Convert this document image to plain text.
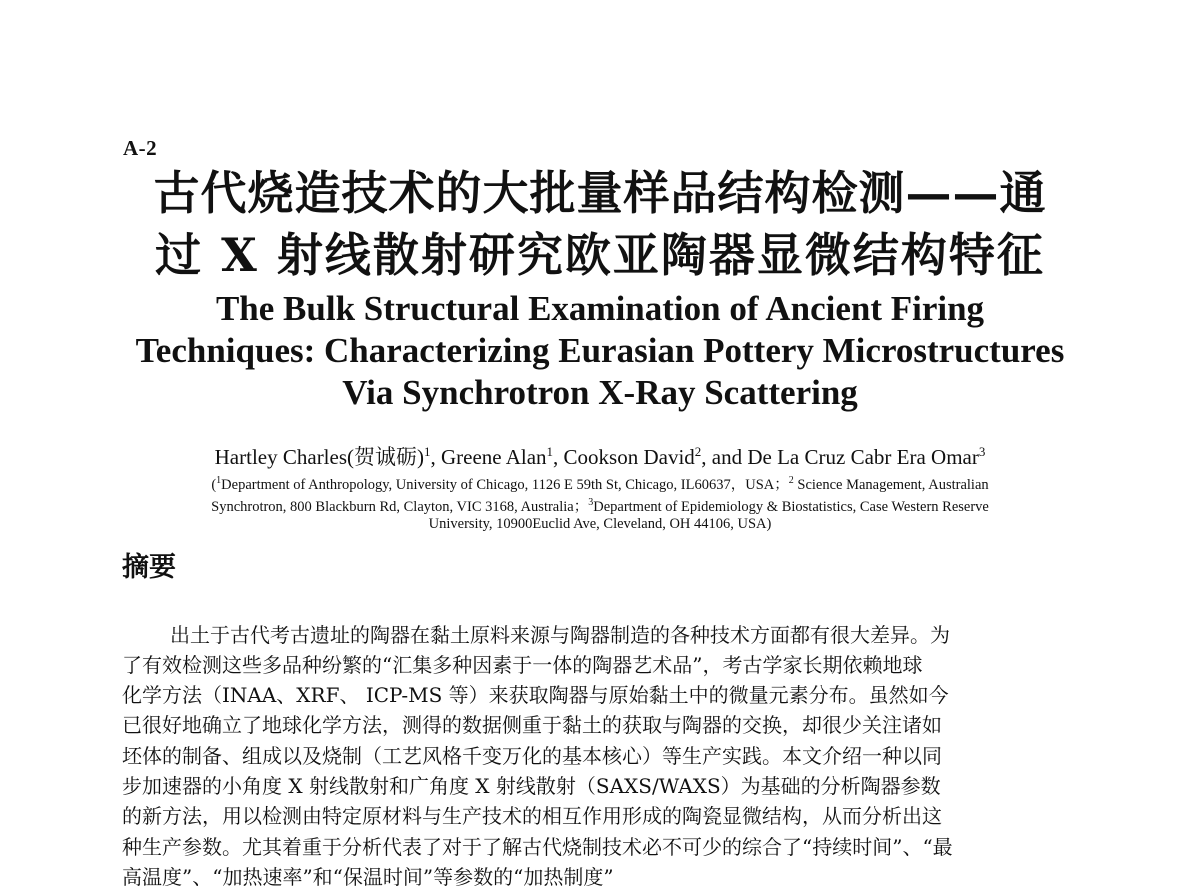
A-2
古代烧造技术的大批量样品结构检测——通
过 X 射线散射研究欧亚陶器显微结构特征
The Bulk Structural Examination of Ancient Firing
Techniques: Characterizing Eurasian Pottery Microstructures
Via Synchrotron X-Ray Scattering
Hartley Charles(贺诚砺)$^1$, Greene Alan$^1$, Cookson David$^2$, and De La Cruz Cabr Era Omar$^3$
($^1$Department of Anthropology, University of Chicago, 1126 E 59th St, Chicago, IL60637，USA；$^2$ Science Management, Australian
Synchrotron, 800 Blackburn Rd, Clayton, VIC 3168, Australia；$^3$Department of Epidemiology & Biostatistics, Case Western Reserve
University, 10900Euclid Ave, Cleveland, OH 44106, USA)
摘要
出土于古代考古遗址的陶器在黏土原料来源与陶器制造的各种技术方面都有很大差异。为
了有效检测这些多品种纷繁的“汇集多种因素于一体的陶器艺术品”，考古学家长期依赖地球
化学方法（INAA、XRF、 ICP-MS 等）来获取陶器与原始黏土中的微量元素分布。虽然如今
已很好地确立了地球化学方法，测得的数据侧重于黏土的获取与陶器的交换，却很少关注诸如
坯体的制备、组成以及烧制（工艺风格千变万化的基本核心）等生产实践。本文介绍一种以同
步加速器的小角度 X 射线散射和广角度 X 射线散射（SAXS/WAXS）为基础的分析陶器参数
的新方法，用以检测由特定原材料与生产技术的相互作用形成的陶瓷显微结构，从而分析出这
种生产参数。尤其着重于分析代表了对于了解古代烧制技术必不可少的综合了“持续时间”、“最
高温度”、“加热速率”和“保温时间”等参数的“加热制度”
